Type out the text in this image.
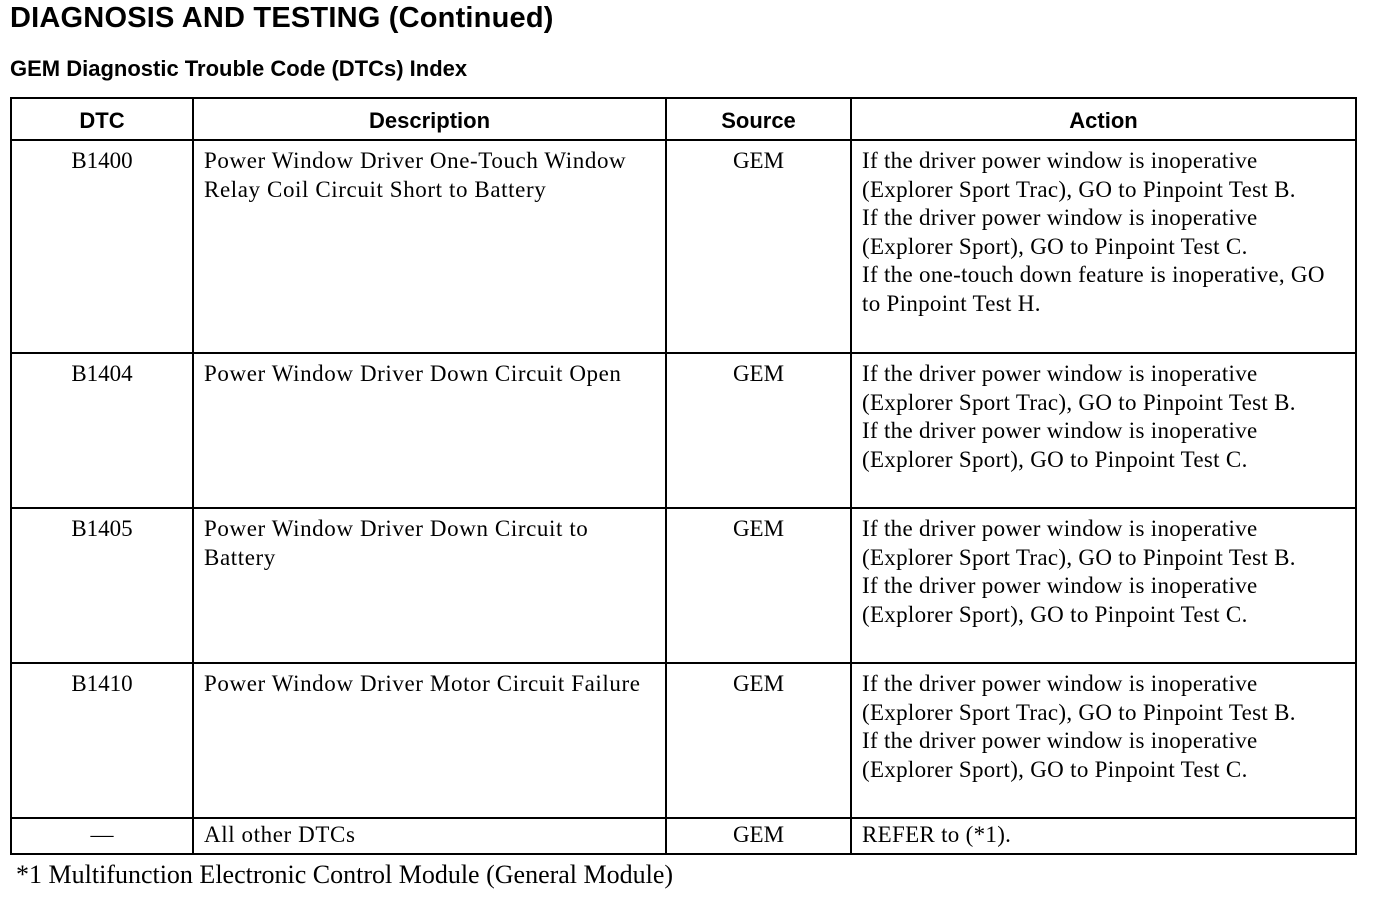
DIAGNOSIS AND TESTING (Continued)
GEM Diagnostic Trouble Code (DTCs) Index
DTC	Description	Source	Action
B1400	Power Window Driver One-Touch Window Relay Coil Circuit Short to Battery	GEM	If the driver power window is inoperative (Explorer Sport Trac), GO to Pinpoint Test B.
If the driver power window is inoperative (Explorer Sport), GO to Pinpoint Test C.
If the one-touch down feature is inoperative, GO to Pinpoint Test H.

B1404	Power Window Driver Down Circuit Open	GEM	If the driver power window is inoperative (Explorer Sport Trac), GO to Pinpoint Test B.
If the driver power window is inoperative (Explorer Sport), GO to Pinpoint Test C.

B1405	Power Window Driver Down Circuit to Battery	GEM	If the driver power window is inoperative (Explorer Sport Trac), GO to Pinpoint Test B.
If the driver power window is inoperative (Explorer Sport), GO to Pinpoint Test C.

B1410	Power Window Driver Motor Circuit Failure	GEM	If the driver power window is inoperative (Explorer Sport Trac), GO to Pinpoint Test B.
If the driver power window is inoperative (Explorer Sport), GO to Pinpoint Test C.

—	All other DTCs	GEM	REFER to (*1).
*1 Multifunction Electronic Control Module (General Module)
